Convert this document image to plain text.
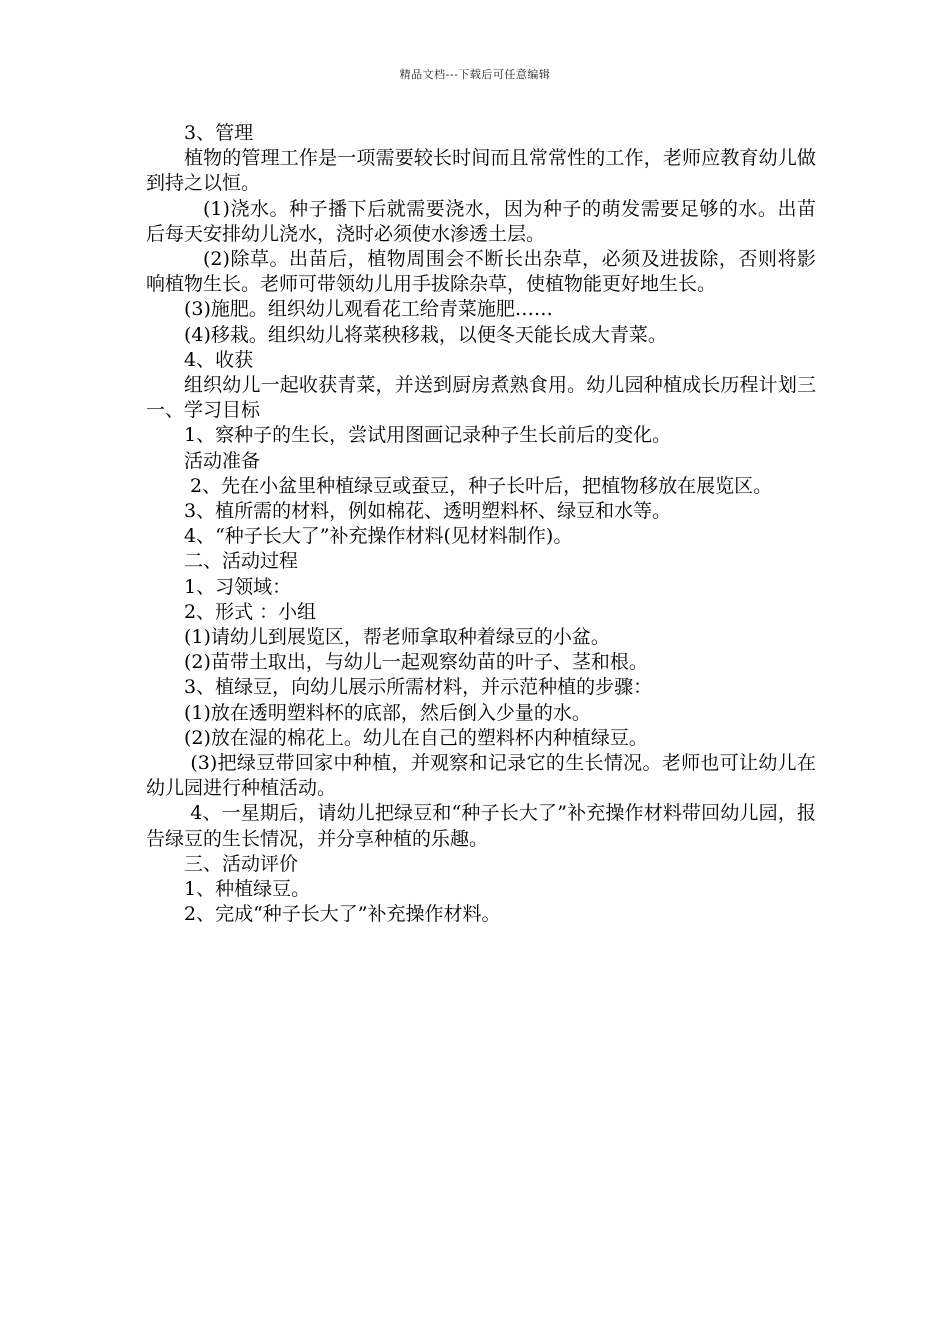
精品文档---下载后可任意编辑

3、管理

植物的管理工作是一项需要较长时间而且常常性的工作，老师应教育幼儿做到持之以恒。

(1)浇水。种子播下后就需要浇水，因为种子的萌发需要足够的水。出苗后每天安排幼儿浇水，浇时必须使水渗透土层。

(2)除草。出苗后，植物周围会不断长出杂草，必须及进拔除，否则将影响植物生长。老师可带领幼儿用手拔除杂草，使植物能更好地生长。

(3)施肥。组织幼儿观看花工给青菜施肥……

(4)移栽。组织幼儿将菜秧移栽，以便冬天能长成大青菜。

4、收获

组织幼儿一起收获青菜，并送到厨房煮熟食用。幼儿园种植成长历程计划三一、学习目标

1、察种子的生长，尝试用图画记录种子生长前后的变化。

活动准备

2、先在小盆里种植绿豆或蚕豆，种子长叶后，把植物移放在展览区。

3、植所需的材料，例如棉花、透明塑料杯、绿豆和水等。

4、“种子长大了”补充操作材料(见材料制作)。

二、活动过程

1、习领域：

2、形式 ：小组

(1)请幼儿到展览区，帮老师拿取种着绿豆的小盆。

(2)苗带土取出，与幼儿一起观察幼苗的叶子、茎和根。

3、植绿豆，向幼儿展示所需材料，并示范种植的步骤：

(1)放在透明塑料杯的底部，然后倒入少量的水。

(2)放在湿的棉花上。幼儿在自己的塑料杯内种植绿豆。

(3)把绿豆带回家中种植，并观察和记录它的生长情况。老师也可让幼儿在幼儿园进行种植活动。

4、一星期后，请幼儿把绿豆和“种子长大了”补充操作材料带回幼儿园，报告绿豆的生长情况，并分享种植的乐趣。

三、活动评价

1、种植绿豆。

2、完成“种子长大了”补充操作材料。
